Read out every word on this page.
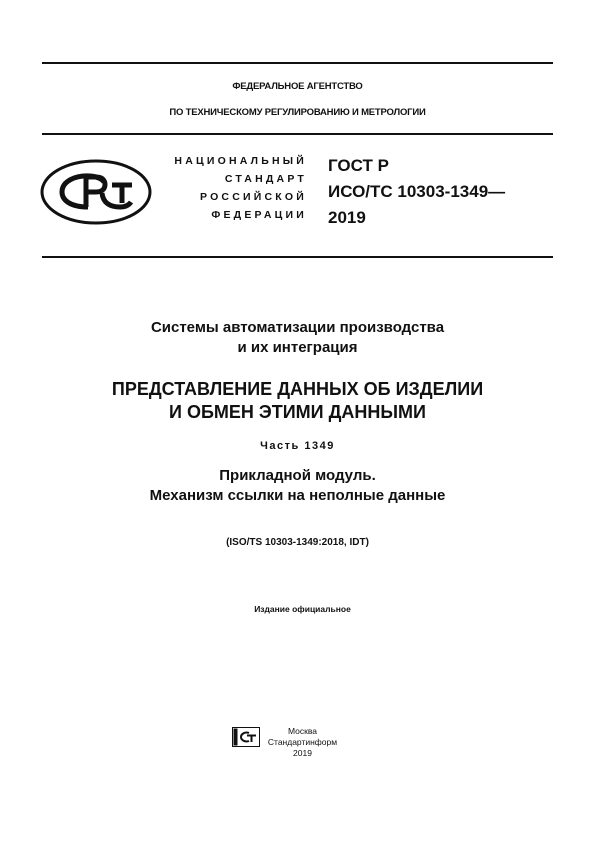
ФЕДЕРАЛЬНОЕ АГЕНТСТВО
ПО ТЕХНИЧЕСКОМУ РЕГУЛИРОВАНИЮ И МЕТРОЛОГИИ
НАЦИОНАЛЬНЫЙ
СТАНДАРТ
РОССИЙСКОЙ
ФЕДЕРАЦИИ
ГОСТ Р
ИСО/ТС 10303-1349—
2019
Системы автоматизации производства
и их интеграция
ПРЕДСТАВЛЕНИЕ ДАННЫХ ОБ ИЗДЕЛИИ
И ОБМЕН ЭТИМИ ДАННЫМИ
Часть 1349
Прикладной модуль.
Механизм ссылки на неполные данные
(ISO/TS 10303-1349:2018, IDT)
Издание официальное
Москва
Стандартинформ
2019
